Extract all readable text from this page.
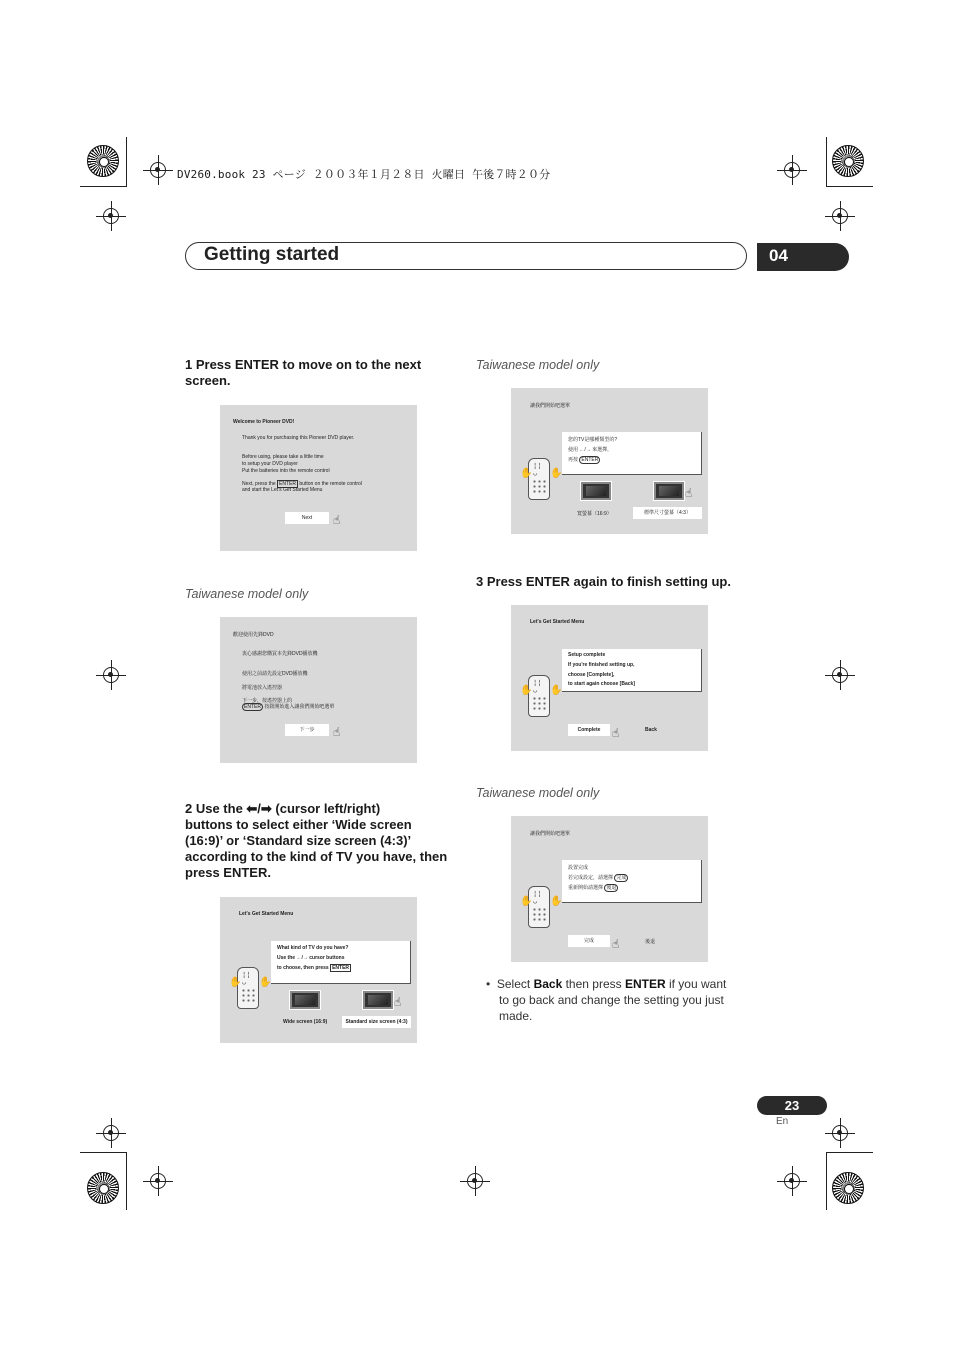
DV260.book 23 ページ ２００３年１月２８日 火曜日 午後７時２０分
Getting started	04
1 Press ENTER to move on to the next screen.
Welcome to Pioneer DVD!
Thank you for purchasing this Pioneer DVD player.
Before using, please take a little time
to setup your DVD player
Put the batteries into the remote control
Next, press the ENTER button on the remote control
and start the Let's Get Started Menu
Next	☝
Taiwanese model only
歡迎使用先鋒DVD
衷心感謝您購買本先鋒DVD播放機
使用之前請先設定DVD播放機
將電池放入遙控器
下一步，按遙控器上的
ENTER 按鈕開始進入讓我們開始吧選單
下一步	☝
2 Use the ⬅/➡ (cursor left/right)
buttons to select either ‘Wide screen
(16:9)’ or ‘Standard size screen (4:3)’
according to the kind of TV you have, then
press ENTER.
Let's Get Started Menu
What kind of TV do you have?
Use the ←/→ cursor buttons
to choose, then press ENTER
¦¦
◡
✋ ✋
☝
Wide screen (16:9)	Standard size screen (4:3)
Taiwanese model only
讓我們開始吧選單
您的TV是哪種類型的?
使用 ←/→ 來選擇，
再按 ENTER
¦¦
◡
✋ ✋
☝
寬螢幕（16:9）	標準尺寸螢幕（4:3）
3 Press ENTER again to finish setting up.
Let's Get Started Menu
Setup complete
If you're finished setting up,
choose [Complete],
to start again choose [Back]
¦¦
◡
✋ ✋
Complete ☝	Back
Taiwanese model only
讓我們開始吧選單
設置完成
若完成設定，請選擇 完成
重新開始請選擇 後退
¦¦
◡
✋ ✋
完成	☝	後退
•  Select Back then press ENTER if you want
to go back and change the setting you just
made.
23
En
